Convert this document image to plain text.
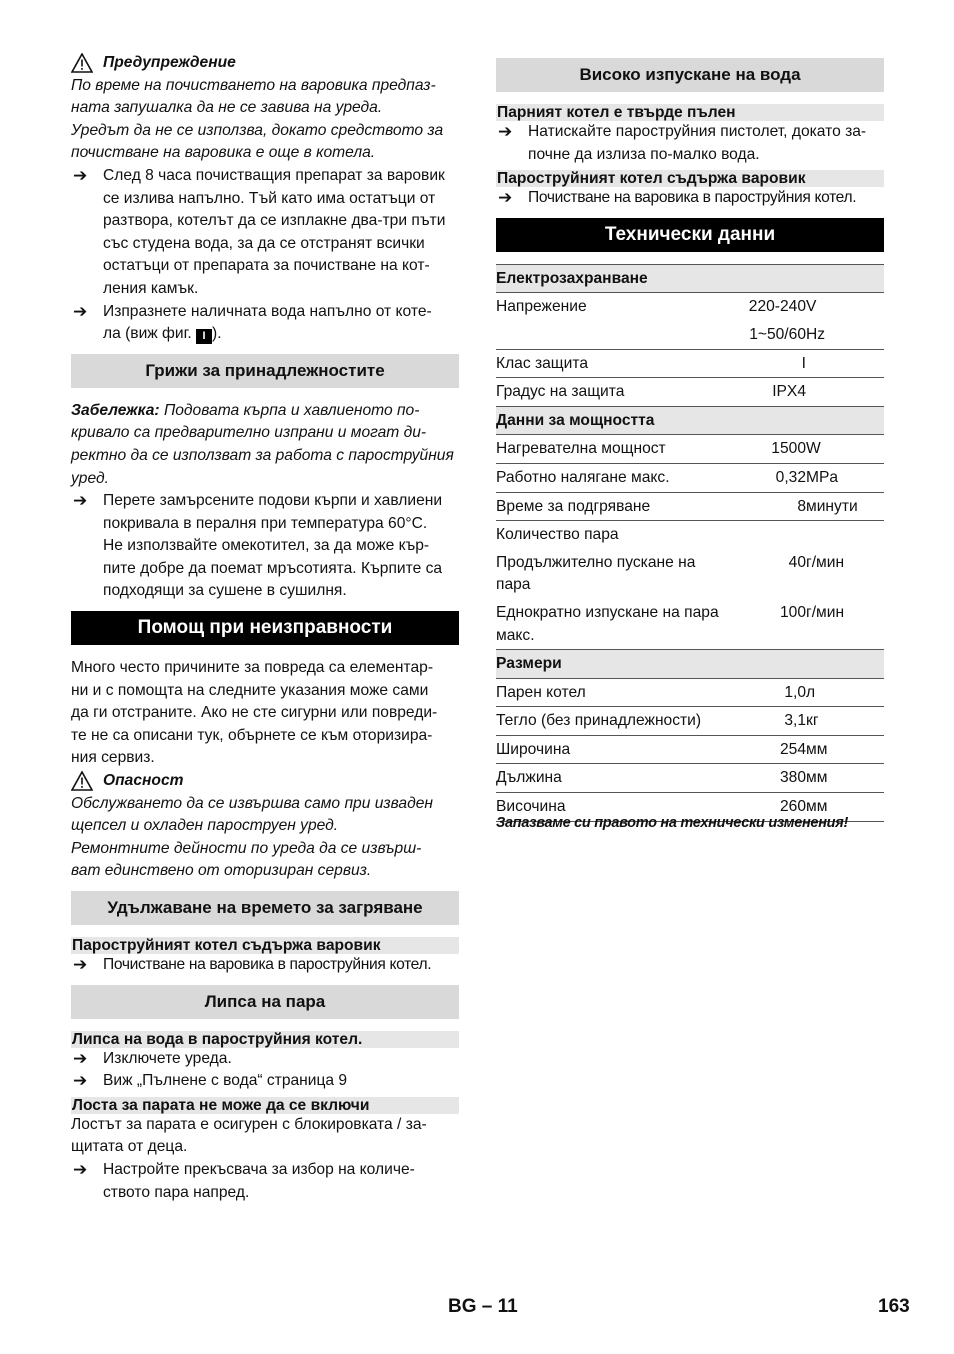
Предупреждение

По време на почистването на варовика предпаз-

ната запушалка да не се завива на уреда.

Уредът да не се използва, докато средството за

почистване на варовика е още в котела.

➔	След 8 часа почистващия препарат за варовик

се излива напълно. Тъй като има остатъци от

разтвора, котелът да се изплакне два-три пъти

със студена вода, за да се отстранят всички

остатъци от препарата за почистване на кот-

ления камък.

➔	Изпразнете наличната вода напълно от коте-

ла (виж фиг. I ).

Грижи за принадлежностите

Забележка: Подовата кърпа и хавлиеното по-

кривало са предварително изпрани и могат ди-

ректно да се използват за работа с пароструйния

уред.

➔	Перете замърсените подови кърпи и хавлиени

покривала в пералня при температура 60°C.

Не използвайте омекотител, за да може кър-

пите добре да поемат мръсотията. Кърпите са

подходящи за сушене в сушилня.

Помощ при неизправности

Много често причините за повреда са елементар-

ни и с помощта на следните указания може сами

да ги отстраните. Ако не сте сигурни или повреди-

те не са описани тук, обърнете се към оторизира-

ния сервиз.

Опасност

Обслужването да се извършва само при изваден

щепсел и охладен пароструен уред.

Ремонтните дейности по уреда да се извърш-

ват единствено от оторизиран сервиз.

Удължаване на времето за загряване
Пароструйният котел съдържа варовик
➔	Почистване на варовика в пароструйния котел.

Липса на пара
Липса на вода в пароструйния котел.
➔	Изключете уреда.

➔	Виж „Пълнене с вода“ страница 9

Лоста за парата не може да се включи

Лостът за парата е осигурен с блокировката / за-

щитата от деца.

➔	Настройте прекъсвача за избор на количе-

ството пара напред.

Високо изпускане на вода
Парният котел е твърде пълен
➔	Натискайте пароструйния пистолет, докато за-

почне да излиза по-малко вода.

Пароструйният котел съдържа варовик
➔	Почистване на варовика в пароструйния котел.

Технически данни
Електрозахранване		
Напрежение	220-240	V
	1~50/60	Hz
Клас защита	I	
Градус на защита	IPX4	
Данни за мощността		
Нагревателна мощност	1500	W
Работно налягане макс.	0,32	MPa
Време за подгряване	8	минути
Количество пара		
Продължително пускане на
пара	40	г/мин
Еднократно изпускане на пара
макс.	100	г/мин
Размери		
Парен котел	1,0	л
Тегло (без принадлежности)	3,1	кг
Широчина	254	мм
Дължина	380	мм
Височина	260	мм
Запазваме си правото на технически изменения!
BG – 11	163
